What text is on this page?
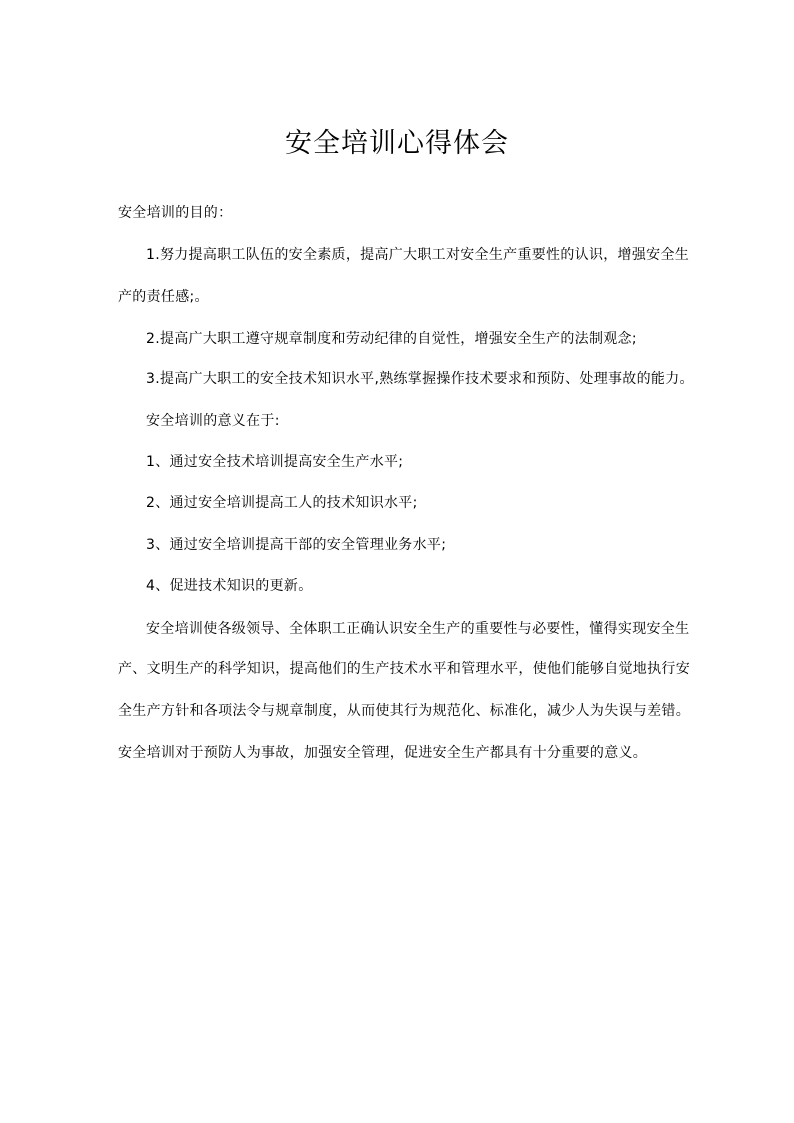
安全培训心得体会
安全培训的目的：
1.努力提高职工队伍的安全素质，提高广大职工对安全生产重要性的认识，增强安全生
产的责任感;。
2.提高广大职工遵守规章制度和劳动纪律的自觉性，增强安全生产的法制观念;
3.提高广大职工的安全技术知识水平,熟练掌握操作技术要求和预防、处理事故的能力。
安全培训的意义在于:
1、通过安全技术培训提高安全生产水平;
2、通过安全培训提高工人的技术知识水平;
3、通过安全培训提高干部的安全管理业务水平;
4、促进技术知识的更新。
安全培训使各级领导、全体职工正确认识安全生产的重要性与必要性，懂得实现安全生
产、文明生产的科学知识，提高他们的生产技术水平和管理水平，使他们能够自觉地执行安
全生产方针和各项法令与规章制度，从而使其行为规范化、标准化，减少人为失误与差错。
安全培训对于预防人为事故，加强安全管理，促进安全生产都具有十分重要的意义。
